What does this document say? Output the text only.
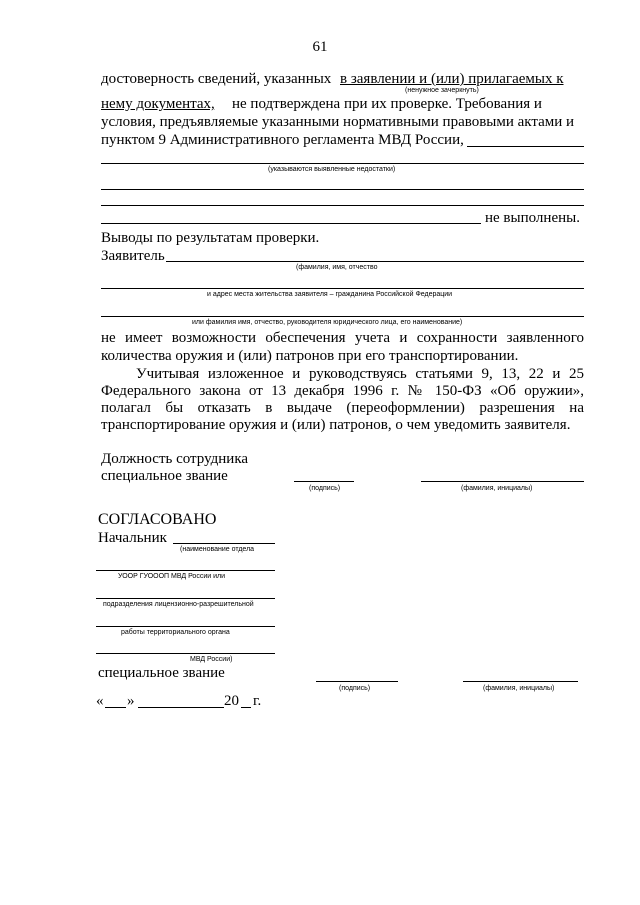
61
достоверность сведений, указанных в заявлении и (или) прилагаемых к
(ненужное зачеркнуть)
нему документах, не подтверждена при их проверке. Требования и
условия, предъявляемые указанными нормативными правовыми актами и
пунктом 9 Административного регламента МВД России,
(указываются выявленные недостатки)
не выполнены.
Выводы по результатам проверки.
Заявитель
(фамилия, имя, отчество
и адрес места жительства заявителя – гражданина Российской Федерации
или фамилия имя, отчество, руководителя юридического лица, его наименование)
не имеет возможности обеспечения учета и сохранности заявленного
количества оружия и (или) патронов при его транспортировании.
Учитывая изложенное и руководствуясь статьями 9, 13, 22 и 25
Федерального закона от 13 декабря 1996 г. № 150-ФЗ «Об оружии»,
полагал бы отказать в выдаче (переоформлении) разрешения на
транспортирование оружия и (или) патронов, о чем уведомить заявителя.
Должность сотрудника
специальное звание
(подпись)	(фамилия, инициалы)
СОГЛАСОВАНО
Начальник
(наименование отдела
УООР ГУОООП МВД России или
подразделения лицензионно-разрешительной
работы территориального органа
МВД России)
специальное звание
(подпись)	(фамилия, инициалы)
« »	20 г.
